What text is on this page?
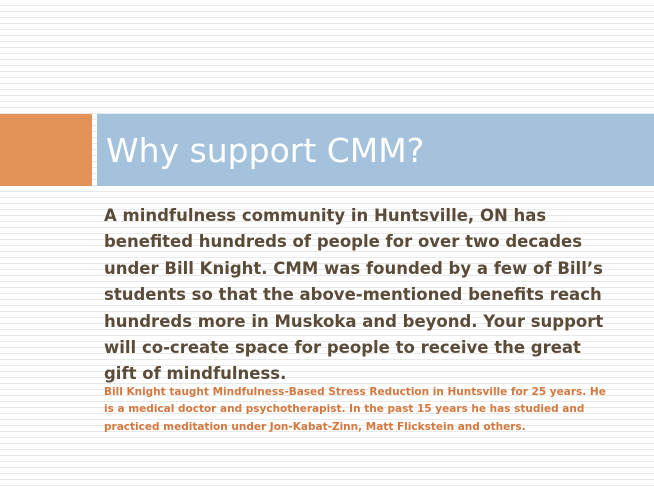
Why support CMM?

A mindfulness community in Huntsville, ON has benefited hundreds of people for over two decades under Bill Knight. CMM was founded by a few of Bill’s students so that the above-mentioned benefits reach hundreds more in Muskoka and beyond. Your support will co-create space for people to receive the great gift of mindfulness.

Bill Knight taught Mindfulness-Based Stress Reduction in Huntsville for 25 years. He is a medical doctor and psychotherapist. In the past 15 years he has studied and practiced meditation under Jon-Kabat-Zinn, Matt Flickstein and others.
